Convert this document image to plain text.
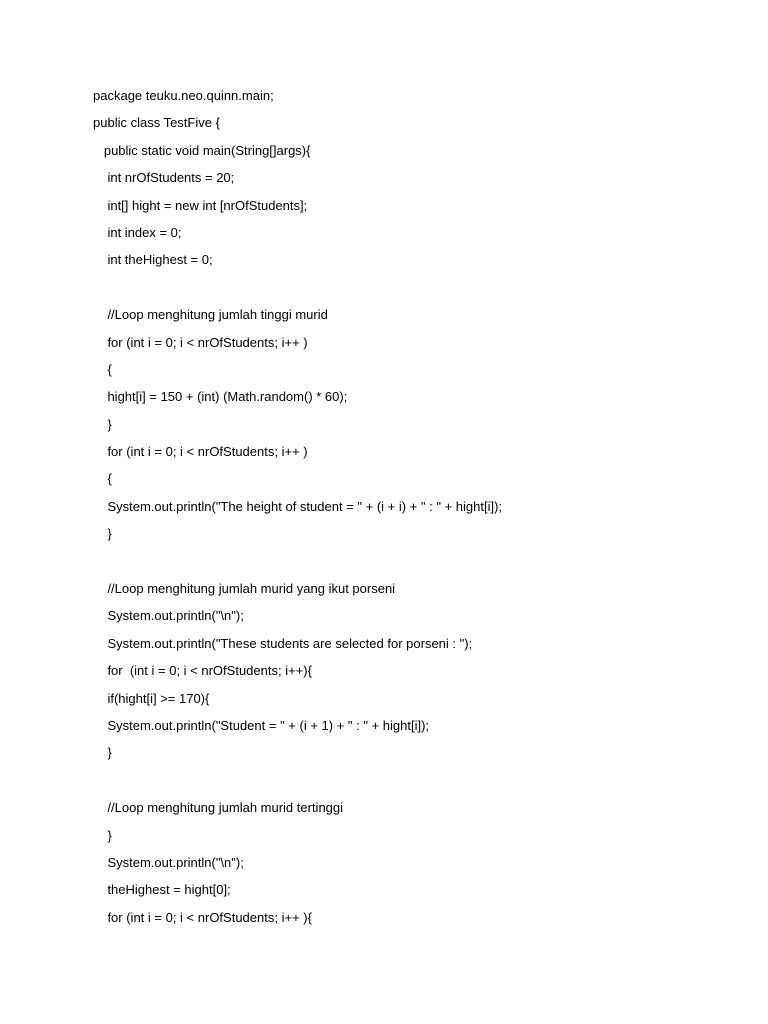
package teuku.neo.quinn.main;
public class TestFive {
public static void main(String[]args){
int nrOfStudents = 20;
int[] hight = new int [nrOfStudents];
int index = 0;
int theHighest = 0;
//Loop menghitung jumlah tinggi murid
for (int i = 0; i < nrOfStudents; i++ )
{
hight[i] = 150 + (int) (Math.random() * 60);
}
for (int i = 0; i < nrOfStudents; i++ )
{
System.out.println("The height of student = " + (i + i) + " : " + hight[i]);
}
//Loop menghitung jumlah murid yang ikut porseni
System.out.println("\n");
System.out.println("These students are selected for porseni : ");
for  (int i = 0; i < nrOfStudents; i++){
if(hight[i] >= 170){
System.out.println("Student = " + (i + 1) + " : " + hight[i]);
}
//Loop menghitung jumlah murid tertinggi
}
System.out.println("\n");
theHighest = hight[0];
for (int i = 0; i < nrOfStudents; i++ ){
